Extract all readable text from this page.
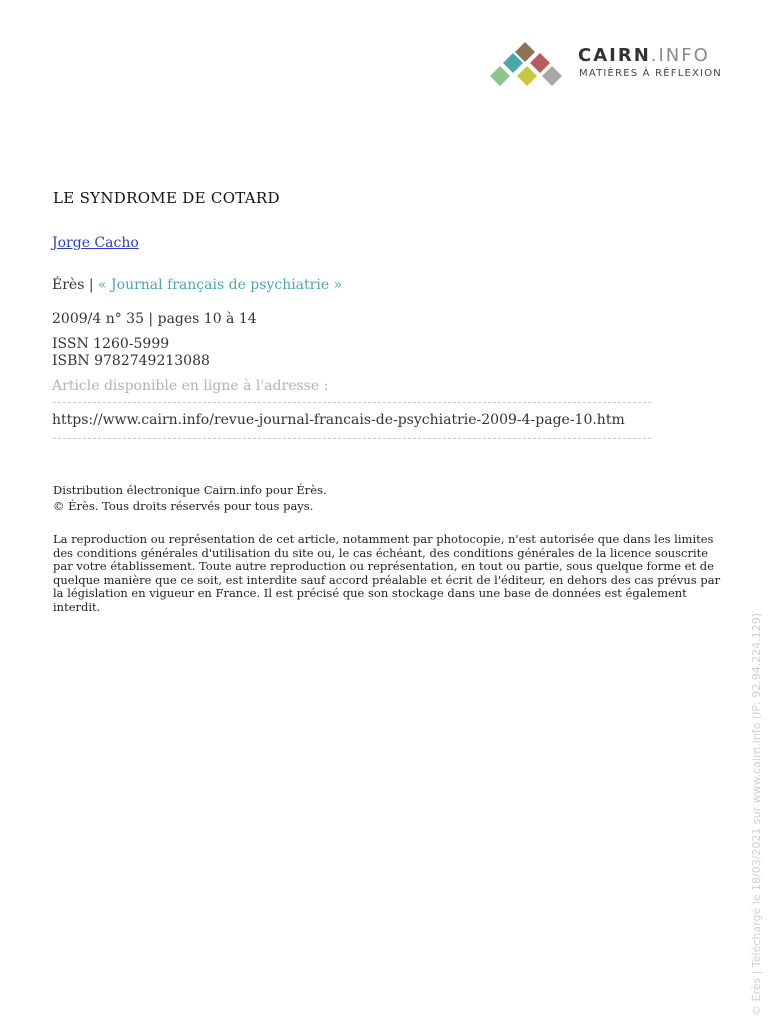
CAIRN.INFO
MATIÈRES À RÉFLEXION
LE SYNDROME DE COTARD
Jorge Cacho
Érès | « Journal français de psychiatrie »
2009/4 n° 35 | pages 10 à 14
ISSN 1260-5999
ISBN 9782749213088
Article disponible en ligne à l'adresse :
https://www.cairn.info/revue-journal-francais-de-psychiatrie-2009-4-page-10.htm
Distribution électronique Cairn.info pour Érès.
© Érès. Tous droits réservés pour tous pays.

La reproduction ou représentation de cet article, notamment par photocopie, n'est autorisée que dans les limites des conditions générales d'utilisation du site ou, le cas échéant, des conditions générales de la licence souscrite par votre établissement. Toute autre reproduction ou représentation, en tout ou partie, sous quelque forme et de quelque manière que ce soit, est interdite sauf accord préalable et écrit de l'éditeur, en dehors des cas prévus par la législation en vigueur en France. Il est précisé que son stockage dans une base de données est également interdit.

© Érès | Téléchargé le 18/03/2021 sur www.cairn.info (IP: 92.94.224.129)
